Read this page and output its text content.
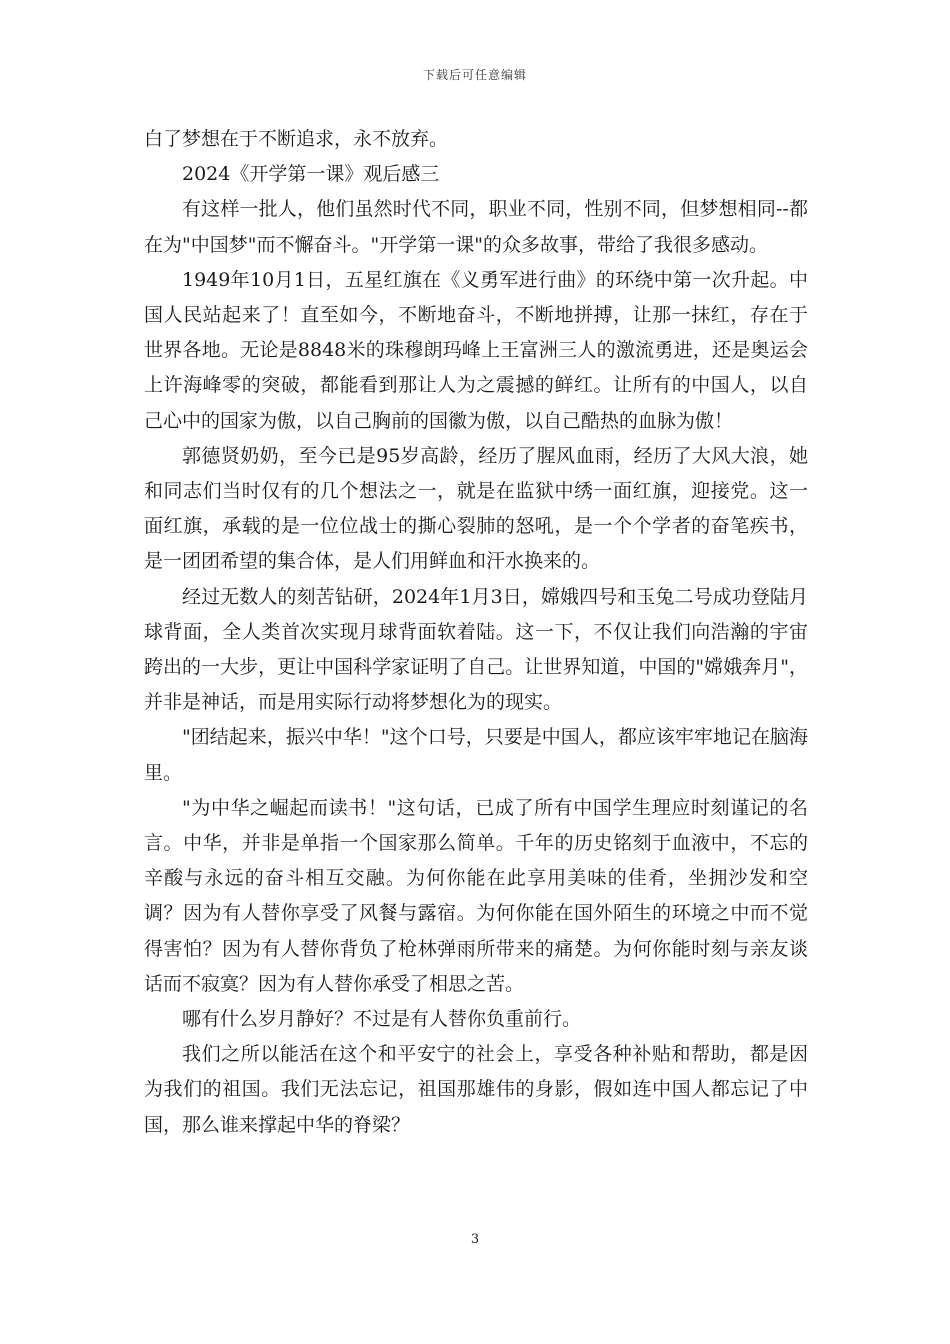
下载后可任意编辑

白了梦想在于不断追求，永不放弃。

2024《开学第一课》观后感三

有这样一批人，他们虽然时代不同，职业不同，性别不同，但梦想相同--都在为"中国梦"而不懈奋斗。"开学第一课"的众多故事，带给了我很多感动。

1949年10月1日，五星红旗在《义勇军进行曲》的环绕中第一次升起。中国人民站起来了！直至如今，不断地奋斗，不断地拼搏，让那一抹红，存在于世界各地。无论是8848米的珠穆朗玛峰上王富洲三人的激流勇进，还是奥运会上许海峰零的突破，都能看到那让人为之震撼的鲜红。让所有的中国人，以自己心中的国家为傲，以自己胸前的国徽为傲，以自己酷热的血脉为傲！

郭德贤奶奶，至今已是95岁高龄，经历了腥风血雨，经历了大风大浪，她和同志们当时仅有的几个想法之一，就是在监狱中绣一面红旗，迎接党。这一面红旗，承载的是一位位战士的撕心裂肺的怒吼，是一个个学者的奋笔疾书，是一团团希望的集合体，是人们用鲜血和汗水换来的。

经过无数人的刻苦钻研，2024年1月3日，嫦娥四号和玉兔二号成功登陆月球背面，全人类首次实现月球背面软着陆。这一下，不仅让我们向浩瀚的宇宙跨出的一大步，更让中国科学家证明了自己。让世界知道，中国的"嫦娥奔月"，并非是神话，而是用实际行动将梦想化为的现实。

"团结起来，振兴中华！"这个口号，只要是中国人，都应该牢牢地记在脑海里。

"为中华之崛起而读书！"这句话，已成了所有中国学生理应时刻谨记的名言。中华，并非是单指一个国家那么简单。千年的历史铭刻于血液中，不忘的辛酸与永远的奋斗相互交融。为何你能在此享用美味的佳肴，坐拥沙发和空调？因为有人替你享受了风餐与露宿。为何你能在国外陌生的环境之中而不觉得害怕？因为有人替你背负了枪林弹雨所带来的痛楚。为何你能时刻与亲友谈话而不寂寞？因为有人替你承受了相思之苦。

哪有什么岁月静好？不过是有人替你负重前行。

我们之所以能活在这个和平安宁的社会上，享受各种补贴和帮助，都是因为我们的祖国。我们无法忘记，祖国那雄伟的身影，假如连中国人都忘记了中国，那么谁来撑起中华的脊梁？

3
